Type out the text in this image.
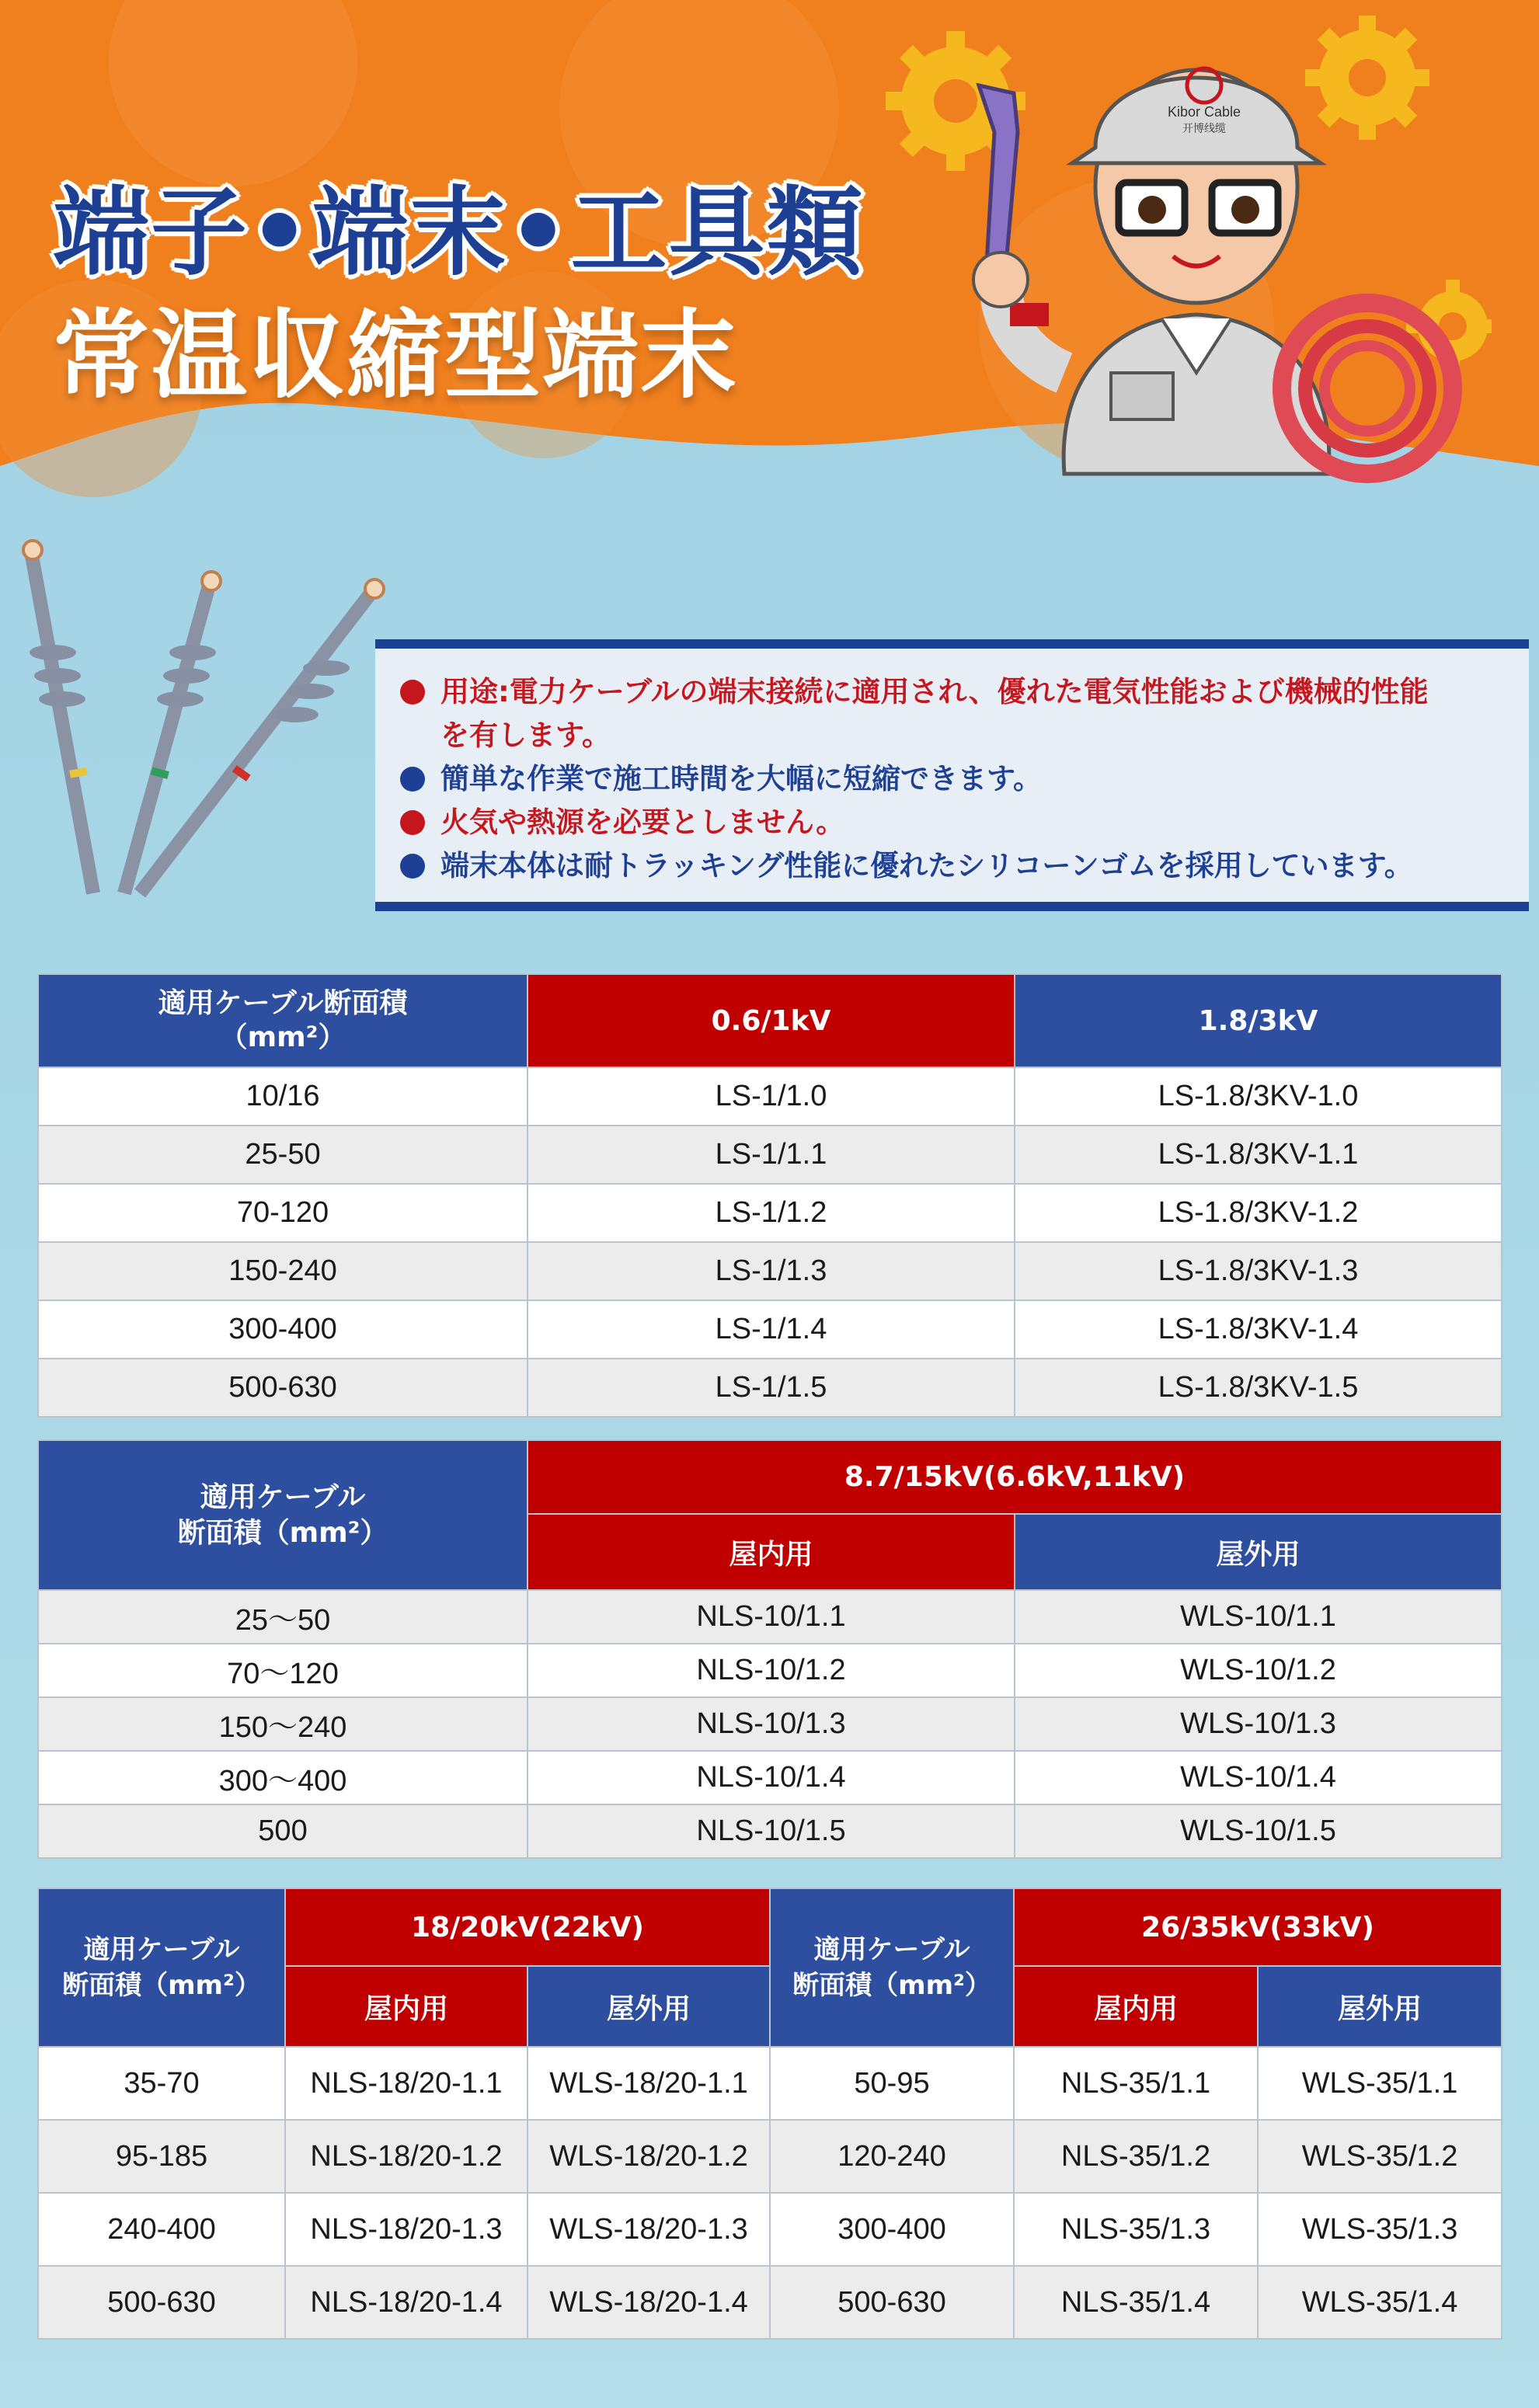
端子•端末•工具類
常温収縮型端末
Kibor Cable
开博线缆
用途:電力ケーブルの端末接続に適用され、優れた電気性能および機械的性能
を有します。
簡単な作業で施工時間を大幅に短縮できます。
火気や熱源を必要としません。
端末本体は耐トラッキング性能に優れたシリコーンゴムを採用しています。
適用ケーブル断面積
（mm²）	0.6/1kV	1.8/3kV
10/16	LS-1/1.0	LS-1.8/3KV-1.0
25-50	LS-1/1.1	LS-1.8/3KV-1.1
70-120	LS-1/1.2	LS-1.8/3KV-1.2
150-240	LS-1/1.3	LS-1.8/3KV-1.3
300-400	LS-1/1.4	LS-1.8/3KV-1.4
500-630	LS-1/1.5	LS-1.8/3KV-1.5
適用ケーブル
断面積（mm²）	8.7/15kV(6.6kV,11kV)	
	屋内用	屋外用
25～50	NLS-10/1.1	WLS-10/1.1
70～120	NLS-10/1.2	WLS-10/1.2
150～240	NLS-10/1.3	WLS-10/1.3
300～400	NLS-10/1.4	WLS-10/1.4
500	NLS-10/1.5	WLS-10/1.5
適用ケーブル
断面積（mm²）	18/20kV(22kV)		適用ケーブル
断面積（mm²）	26/35kV(33kV)	
	屋内用	屋外用		屋内用	屋外用
35-70	NLS-18/20-1.1	WLS-18/20-1.1	50-95	NLS-35/1.1	WLS-35/1.1
95-185	NLS-18/20-1.2	WLS-18/20-1.2	120-240	NLS-35/1.2	WLS-35/1.2
240-400	NLS-18/20-1.3	WLS-18/20-1.3	300-400	NLS-35/1.3	WLS-35/1.3
500-630	NLS-18/20-1.4	WLS-18/20-1.4	500-630	NLS-35/1.4	WLS-35/1.4
